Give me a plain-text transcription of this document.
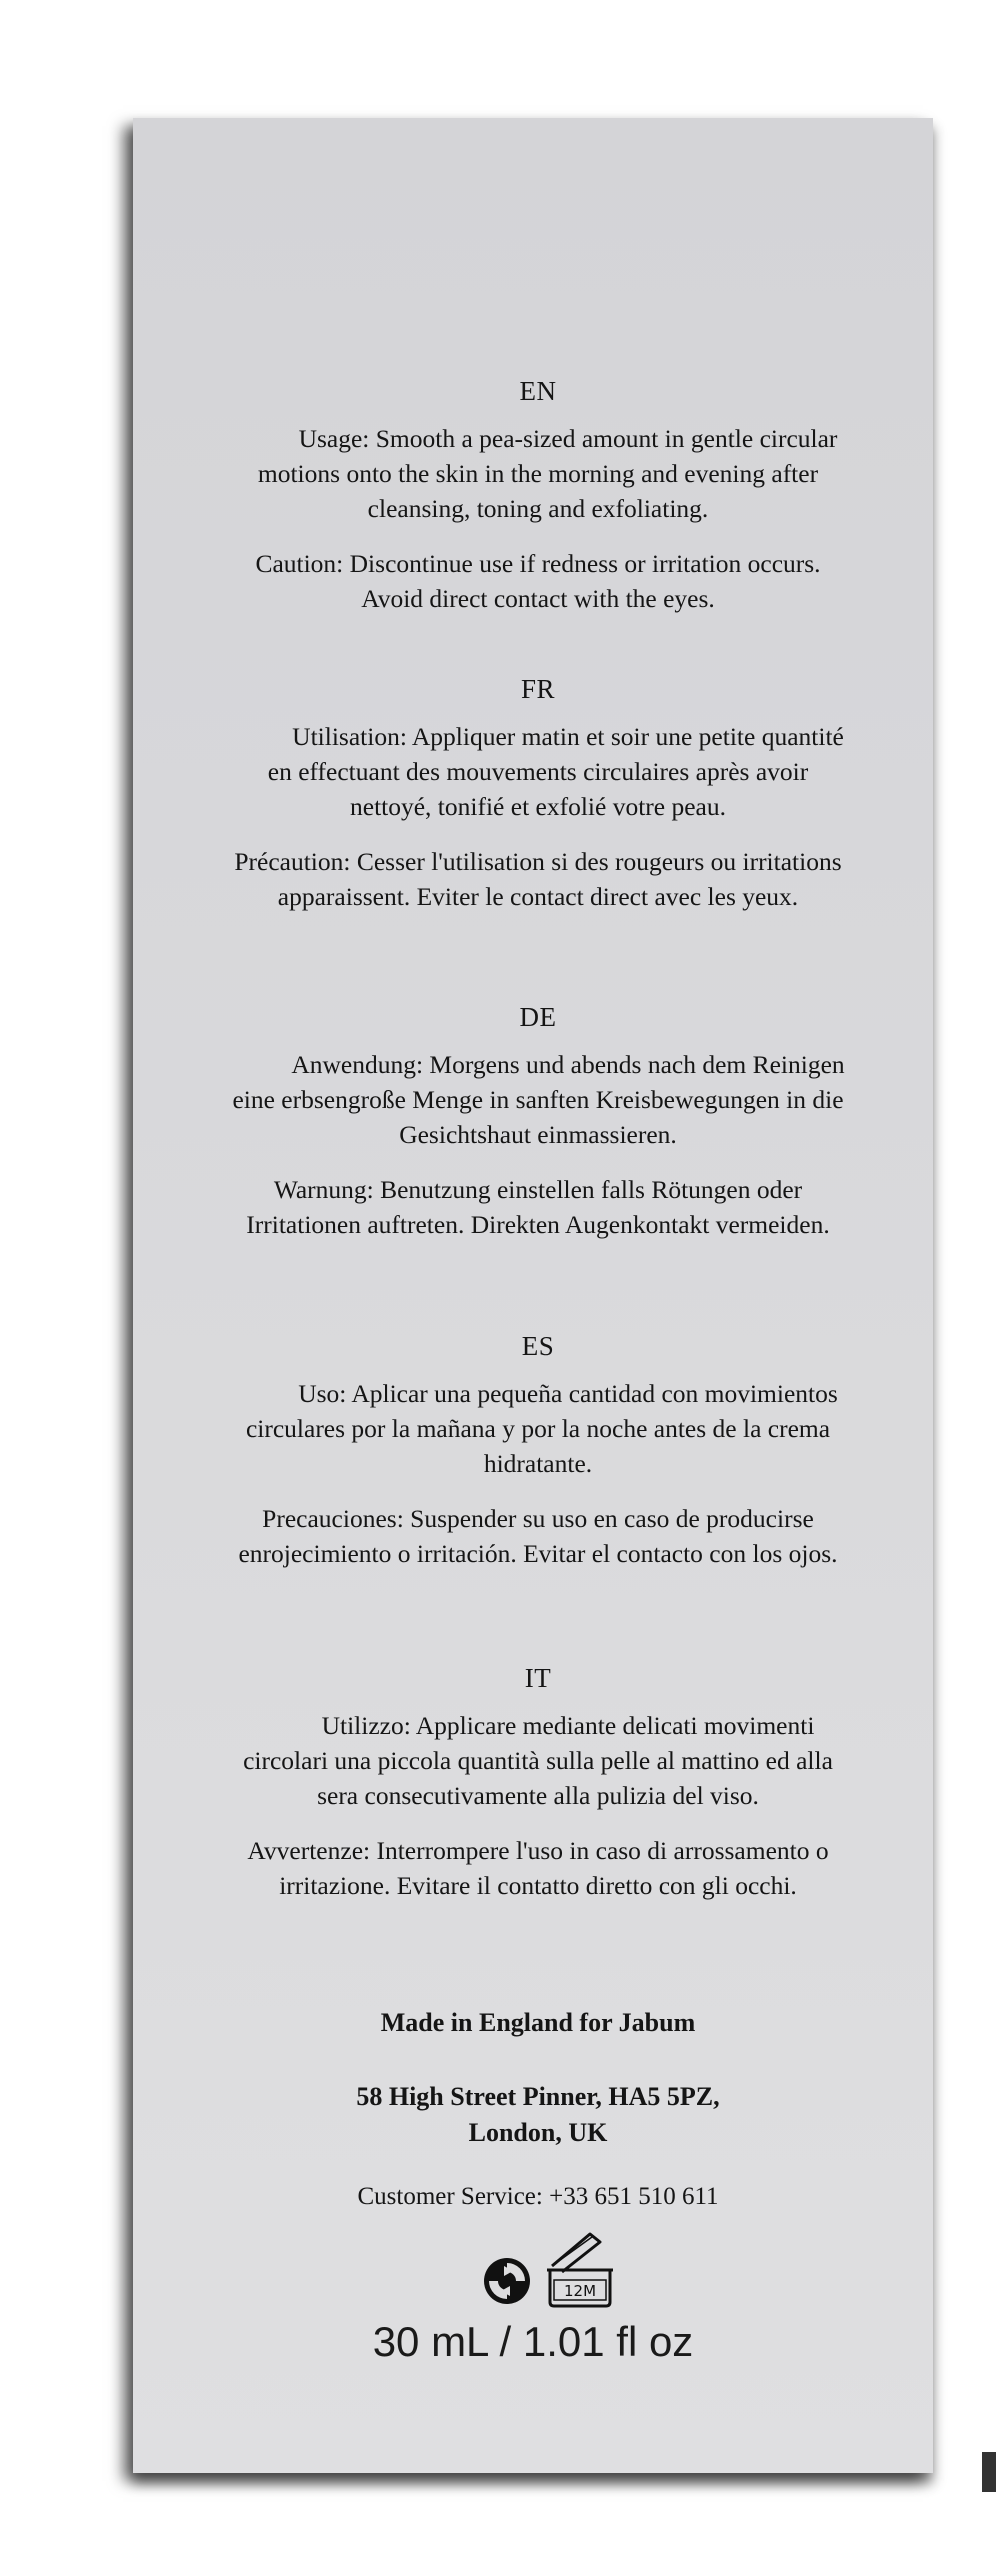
EN

Usage: Smooth a pea-sized amount in gentle circular motions onto the skin in the morning and evening after cleansing, toning and exfoliating.

Caution: Discontinue use if redness or irritation occurs. Avoid direct contact with the eyes.

FR

Utilisation: Appliquer matin et soir une petite quantité en effectuant des mouvements circulaires après avoir nettoyé, tonifié et exfolié votre peau.

Précaution: Cesser l'utilisation si des rougeurs ou irritations apparaissent. Eviter le contact direct avec les yeux.

DE

Anwendung: Morgens und abends nach dem Reinigen eine erbsengroße Menge in sanften Kreisbewegungen in die Gesichtshaut einmassieren.

Warnung: Benutzung einstellen falls Rötungen oder Irritationen auftreten. Direkten Augenkontakt vermeiden.

ES

Uso: Aplicar una pequeña cantidad con movimientos circulares por la mañana y por la noche antes de la crema hidratante.

Precauciones: Suspender su uso en caso de producirse enrojecimiento o irritación. Evitar el contacto con los ojos.

IT

Utilizzo: Applicare mediante delicati movimenti circolari una piccola quantità sulla pelle al mattino ed alla sera consecutivamente alla pulizia del viso.

Avvertenze: Interrompere l'uso in caso di arrossamento o irritazione. Evitare il contatto diretto con gli occhi.

Made in England for Jabum

58 High Street Pinner, HA5 5PZ,

London, UK

Customer Service: +33 651 510 611

12M
30 mL / 1.01 fl oz
